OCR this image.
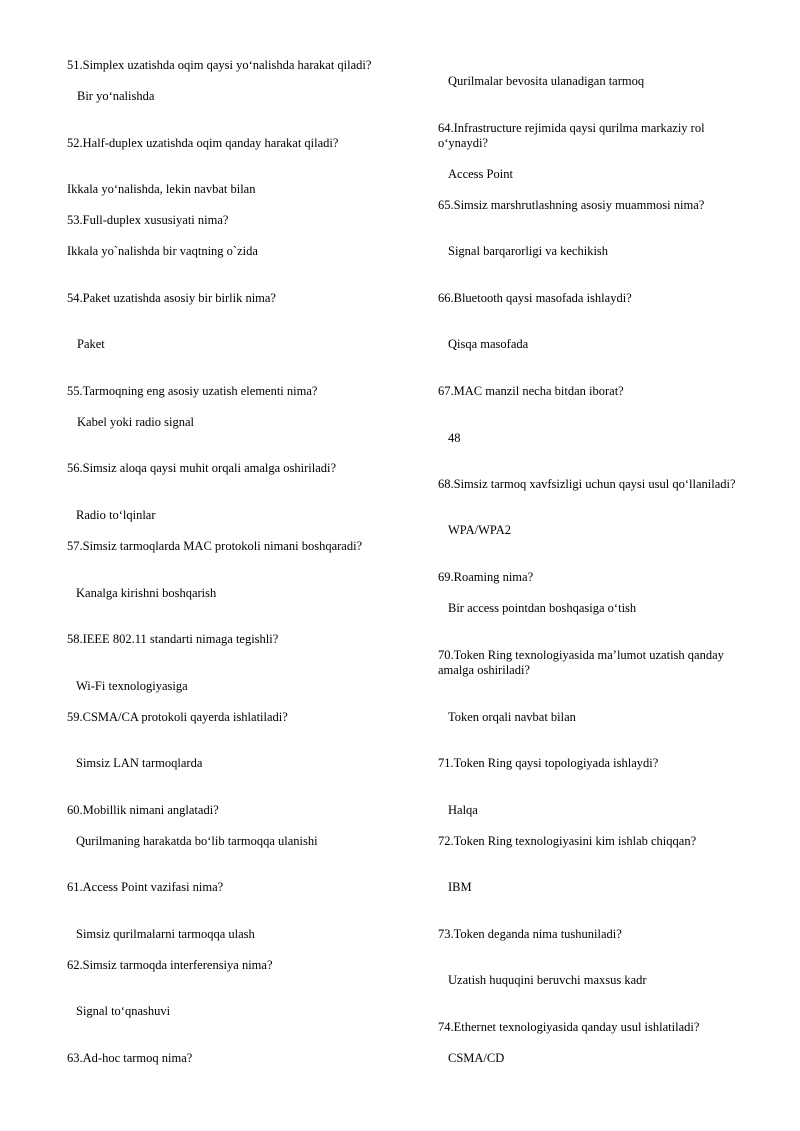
51.Simplex uzatishda oqim qaysi yo‘nalishda harakat qiladi?
Bir yo‘nalishda
52.Half-duplex uzatishda oqim qanday harakat qiladi?
Ikkala yo‘nalishda, lekin navbat bilan
53.Full-duplex xususiyati nima?
Ikkala yo`nalishda bir vaqtning o`zida
54.Paket uzatishda asosiy bir birlik nima?
Paket
55.Tarmoqning eng asosiy uzatish elementi nima?
Kabel yoki radio signal
56.Simsiz aloqa qaysi muhit orqali amalga oshiriladi?
Radio to‘lqinlar
57.Simsiz tarmoqlarda MAC protokoli nimani boshqaradi?
Kanalga kirishni boshqarish
58.IEEE 802.11 standarti nimaga tegishli?
Wi-Fi texnologiyasiga
59.CSMA/CA protokoli qayerda ishlatiladi?
Simsiz LAN tarmoqlarda
60.Mobillik nimani anglatadi?
Qurilmaning harakatda bo‘lib tarmoqqa ulanishi
61.Access Point vazifasi nima?
Simsiz qurilmalarni tarmoqqa ulash
62.Simsiz tarmoqda interferensiya nima?
Signal to‘qnashuvi
63.Ad-hoc tarmoq nima?
Qurilmalar bevosita ulanadigan tarmoq
64.Infrastructure rejimida qaysi qurilma markaziy rol
o‘ynaydi?
Access Point
65.Simsiz marshrutlashning asosiy muammosi nima?
Signal barqarorligi va kechikish
66.Bluetooth qaysi masofada ishlaydi?
Qisqa masofada
67.MAC manzil necha bitdan iborat?
48
68.Simsiz tarmoq xavfsizligi uchun qaysi usul qo‘llaniladi?
WPA/WPA2
69.Roaming nima?
Bir access pointdan boshqasiga o‘tish
70.Token Ring texnologiyasida ma’lumot uzatish qanday
amalga oshiriladi?
Token orqali navbat bilan
71.Token Ring qaysi topologiyada ishlaydi?
Halqa
72.Token Ring texnologiyasini kim ishlab chiqqan?
IBM
73.Token deganda nima tushuniladi?
Uzatish huquqini beruvchi maxsus kadr
74.Ethernet texnologiyasida qanday usul ishlatiladi?
CSMA/CD
